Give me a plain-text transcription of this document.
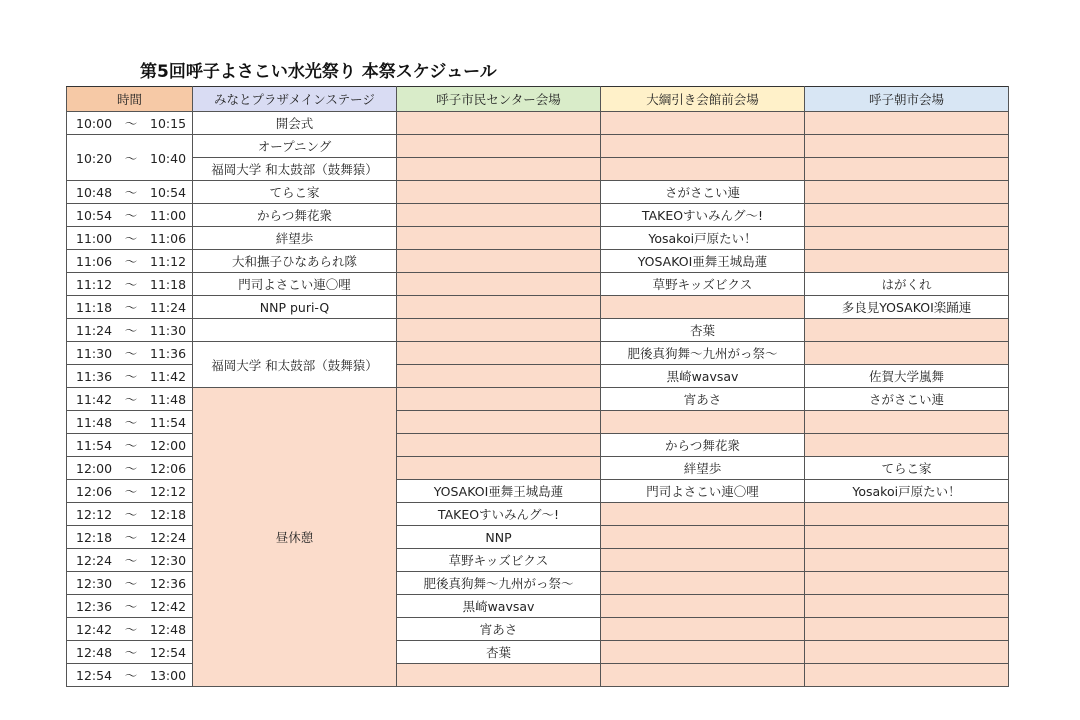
第5回呼子よさこい水光祭り 本祭スケジュール
時間	みなとプラザメインステージ	呼子市民センター会場	大綱引き会館前会場	呼子朝市会場
10:00 ～ 10:15	開会式			
10:20 ～ 10:40	オープニング			
	福岡大学 和太鼓部（鼓舞猿）			
10:48 ～ 10:54	てらこ家		さがさこい連	
10:54 ～ 11:00	からつ舞花衆		TAKEOすいみんグ～!	
11:00 ～ 11:06	絆望歩		Yosakoi戸原たい！	
11:06 ～ 11:12	大和撫子ひなあられ隊		YOSAKOI亜舞王城島蓮	
11:12 ～ 11:18	門司よさこい連〇哩		草野キッズビクス	はがくれ
11:18 ～ 11:24	NNP puri-Q			多良見YOSAKOI楽踊連
11:24 ～ 11:30			杏葉	
11:30 ～ 11:36	福岡大学 和太鼓部（鼓舞猿）		肥後真狗舞～九州がっ祭～	
11:36 ～ 11:42			黒崎wavsav	佐賀大学嵐舞
11:42 ～ 11:48	昼休憩		宵あさ	さがさこい連
11:48 ～ 11:54				
11:54 ～ 12:00			からつ舞花衆	
12:00 ～ 12:06			絆望歩	てらこ家
12:06 ～ 12:12		YOSAKOI亜舞王城島蓮	門司よさこい連〇哩	Yosakoi戸原たい！
12:12 ～ 12:18		TAKEOすいみんグ～!		
12:18 ～ 12:24		NNP		
12:24 ～ 12:30		草野キッズビクス		
12:30 ～ 12:36		肥後真狗舞～九州がっ祭～		
12:36 ～ 12:42		黒崎wavsav		
12:42 ～ 12:48		宵あさ		
12:48 ～ 12:54		杏葉		
12:54 ～ 13:00				
